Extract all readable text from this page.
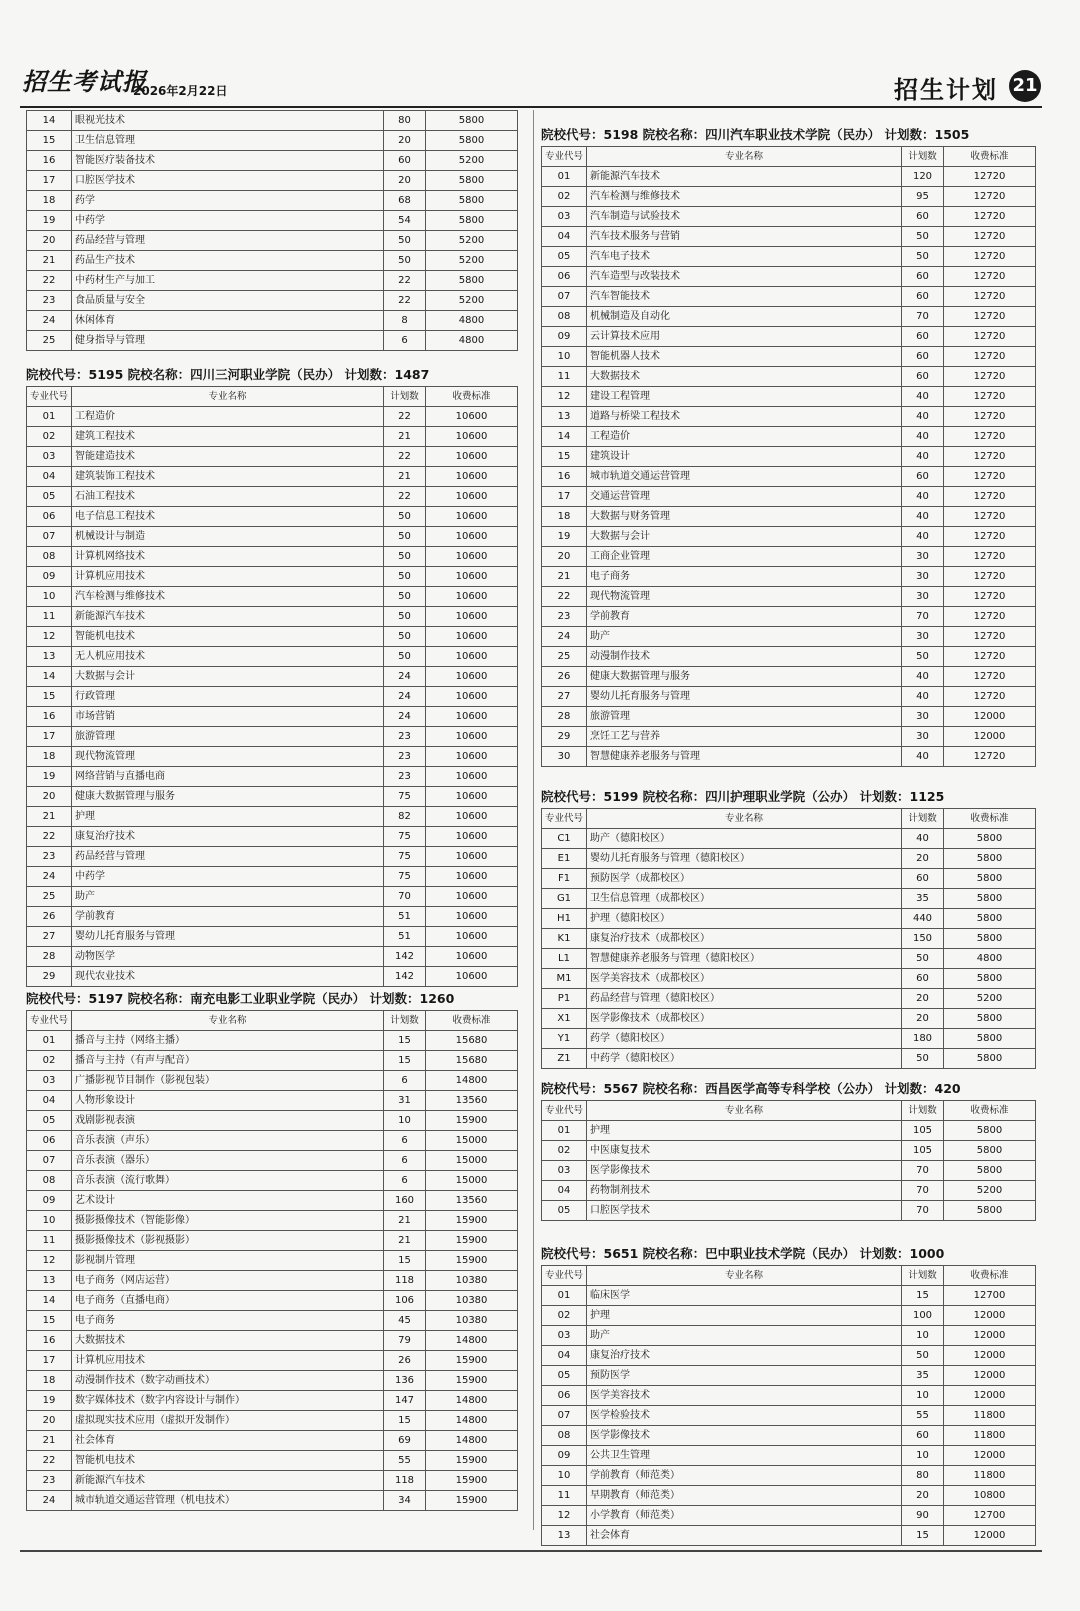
招生考试报
2026年2月22日	招生计划 21
14	眼视光技术	80	5800
15	卫生信息管理	20	5800
16	智能医疗装备技术	60	5200
17	口腔医学技术	20	5800
18	药学	68	5800
19	中药学	54	5800
20	药品经营与管理	50	5200
21	药品生产技术	50	5200
22	中药材生产与加工	22	5800
23	食品质量与安全	22	5200
24	休闲体育	8	4800
25	健身指导与管理	6	4800
院校代号：5195 院校名称：四川三河职业学院（民办） 计划数：1487
专业代号	专业名称	计划数	收费标准
01	工程造价	22	10600
02	建筑工程技术	21	10600
03	智能建造技术	22	10600
04	建筑装饰工程技术	21	10600
05	石油工程技术	22	10600
06	电子信息工程技术	50	10600
07	机械设计与制造	50	10600
08	计算机网络技术	50	10600
09	计算机应用技术	50	10600
10	汽车检测与维修技术	50	10600
11	新能源汽车技术	50	10600
12	智能机电技术	50	10600
13	无人机应用技术	50	10600
14	大数据与会计	24	10600
15	行政管理	24	10600
16	市场营销	24	10600
17	旅游管理	23	10600
18	现代物流管理	23	10600
19	网络营销与直播电商	23	10600
20	健康大数据管理与服务	75	10600
21	护理	82	10600
22	康复治疗技术	75	10600
23	药品经营与管理	75	10600
24	中药学	75	10600
25	助产	70	10600
26	学前教育	51	10600
27	婴幼儿托育服务与管理	51	10600
28	动物医学	142	10600
29	现代农业技术	142	10600
院校代号：5197 院校名称：南充电影工业职业学院（民办） 计划数：1260
专业代号	专业名称	计划数	收费标准
01	播音与主持（网络主播）	15	15680
02	播音与主持（有声与配音）	15	15680
03	广播影视节目制作（影视包装）	6	14800
04	人物形象设计	31	13560
05	戏剧影视表演	10	15900
06	音乐表演（声乐）	6	15000
07	音乐表演（器乐）	6	15000
08	音乐表演（流行歌舞）	6	15000
09	艺术设计	160	13560
10	摄影摄像技术（智能影像）	21	15900
11	摄影摄像技术（影视摄影）	21	15900
12	影视制片管理	15	15900
13	电子商务（网店运营）	118	10380
14	电子商务（直播电商）	106	10380
15	电子商务	45	10380
16	大数据技术	79	14800
17	计算机应用技术	26	15900
18	动漫制作技术（数字动画技术）	136	15900
19	数字媒体技术（数字内容设计与制作）	147	14800
20	虚拟现实技术应用（虚拟开发制作）	15	14800
21	社会体育	69	14800
22	智能机电技术	55	15900
23	新能源汽车技术	118	15900
24	城市轨道交通运营管理（机电技术）	34	15900
院校代号：5198 院校名称：四川汽车职业技术学院（民办） 计划数：1505
专业代号	专业名称	计划数	收费标准
01	新能源汽车技术	120	12720
02	汽车检测与维修技术	95	12720
03	汽车制造与试验技术	60	12720
04	汽车技术服务与营销	50	12720
05	汽车电子技术	50	12720
06	汽车造型与改装技术	60	12720
07	汽车智能技术	60	12720
08	机械制造及自动化	70	12720
09	云计算技术应用	60	12720
10	智能机器人技术	60	12720
11	大数据技术	60	12720
12	建设工程管理	40	12720
13	道路与桥梁工程技术	40	12720
14	工程造价	40	12720
15	建筑设计	40	12720
16	城市轨道交通运营管理	60	12720
17	交通运营管理	40	12720
18	大数据与财务管理	40	12720
19	大数据与会计	40	12720
20	工商企业管理	30	12720
21	电子商务	30	12720
22	现代物流管理	30	12720
23	学前教育	70	12720
24	助产	30	12720
25	动漫制作技术	50	12720
26	健康大数据管理与服务	40	12720
27	婴幼儿托育服务与管理	40	12720
28	旅游管理	30	12000
29	烹饪工艺与营养	30	12000
30	智慧健康养老服务与管理	40	12720
院校代号：5199 院校名称：四川护理职业学院（公办） 计划数：1125
专业代号	专业名称	计划数	收费标准
C1	助产（德阳校区）	40	5800
E1	婴幼儿托育服务与管理（德阳校区）	20	5800
F1	预防医学（成都校区）	60	5800
G1	卫生信息管理（成都校区）	35	5800
H1	护理（德阳校区）	440	5800
K1	康复治疗技术（成都校区）	150	5800
L1	智慧健康养老服务与管理（德阳校区）	50	4800
M1	医学美容技术（成都校区）	60	5800
P1	药品经营与管理（德阳校区）	20	5200
X1	医学影像技术（成都校区）	20	5800
Y1	药学（德阳校区）	180	5800
Z1	中药学（德阳校区）	50	5800
院校代号：5567 院校名称：西昌医学高等专科学校（公办） 计划数：420
专业代号	专业名称	计划数	收费标准
01	护理	105	5800
02	中医康复技术	105	5800
03	医学影像技术	70	5800
04	药物制剂技术	70	5200
05	口腔医学技术	70	5800
院校代号：5651 院校名称：巴中职业技术学院（民办） 计划数：1000
专业代号	专业名称	计划数	收费标准
01	临床医学	15	12700
02	护理	100	12000
03	助产	10	12000
04	康复治疗技术	50	12000
05	预防医学	35	12000
06	医学美容技术	10	12000
07	医学检验技术	55	11800
08	医学影像技术	60	11800
09	公共卫生管理	10	12000
10	学前教育（师范类）	80	11800
11	早期教育（师范类）	20	10800
12	小学教育（师范类）	90	12700
13	社会体育	15	12000
